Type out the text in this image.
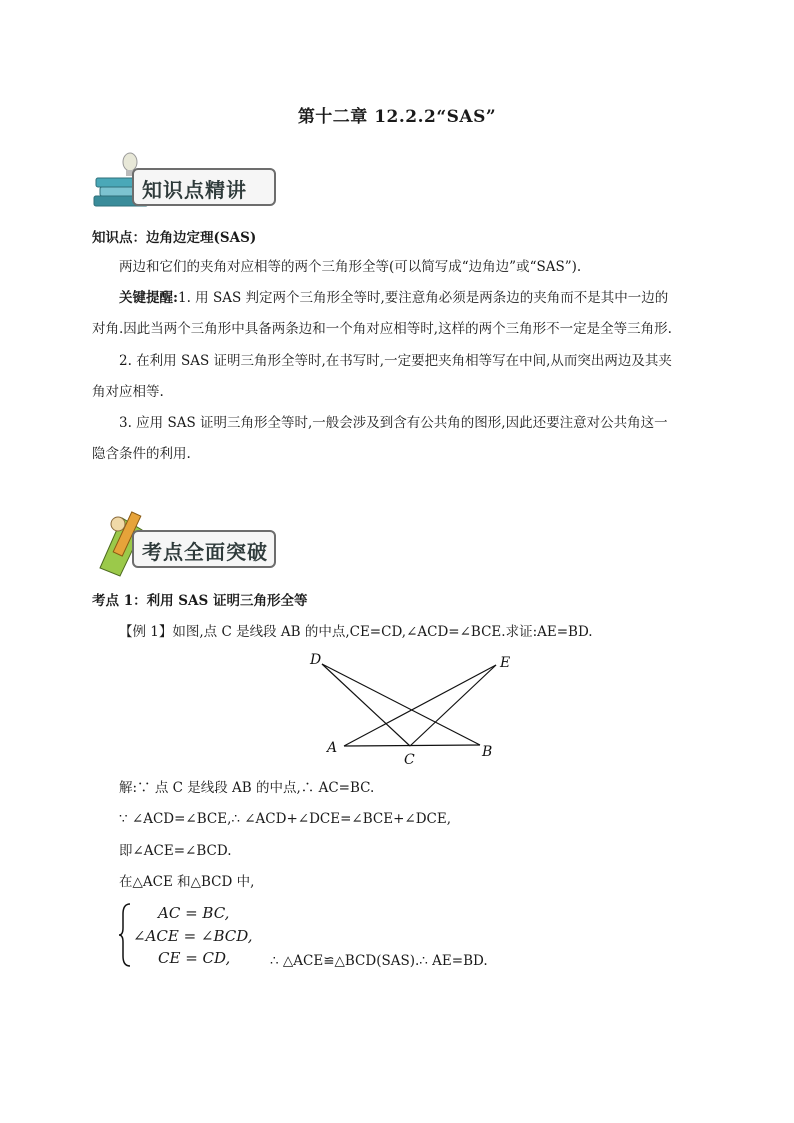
第十二章 12.2.2“SAS”
知识点精讲
知识点：边角边定理(SAS)
两边和它们的夹角对应相等的两个三角形全等(可以简写成“边角边”或“SAS”).
关键提醒:1. 用 SAS 判定两个三角形全等时,要注意角必须是两条边的夹角而不是其中一边的
对角.因此当两个三角形中具备两条边和一个角对应相等时,这样的两个三角形不一定是全等三角形.
2. 在利用 SAS 证明三角形全等时,在书写时,一定要把夹角相等写在中间,从而突出两边及其夹
角对应相等.
3. 应用 SAS 证明三角形全等时,一般会涉及到含有公共角的图形,因此还要注意对公共角这一
隐含条件的利用.
考点全面突破
考点 1：利用 SAS 证明三角形全等
【例 1】如图,点 C 是线段 AB 的中点,CE=CD,∠ACD=∠BCE.求证:AE=BD.
D	E
A
C	B
解:∵ 点 C 是线段 AB 的中点,∴ AC=BC.
∵ ∠ACD=∠BCE,∴ ∠ACD+∠DCE=∠BCE+∠DCE,
即∠ACE=∠BCD.
在△ACE 和△BCD 中,
AC = BC,
∠ACE = ∠BCD,
CE = CD,	∴ △ACE≌△BCD(SAS).∴ AE=BD.
